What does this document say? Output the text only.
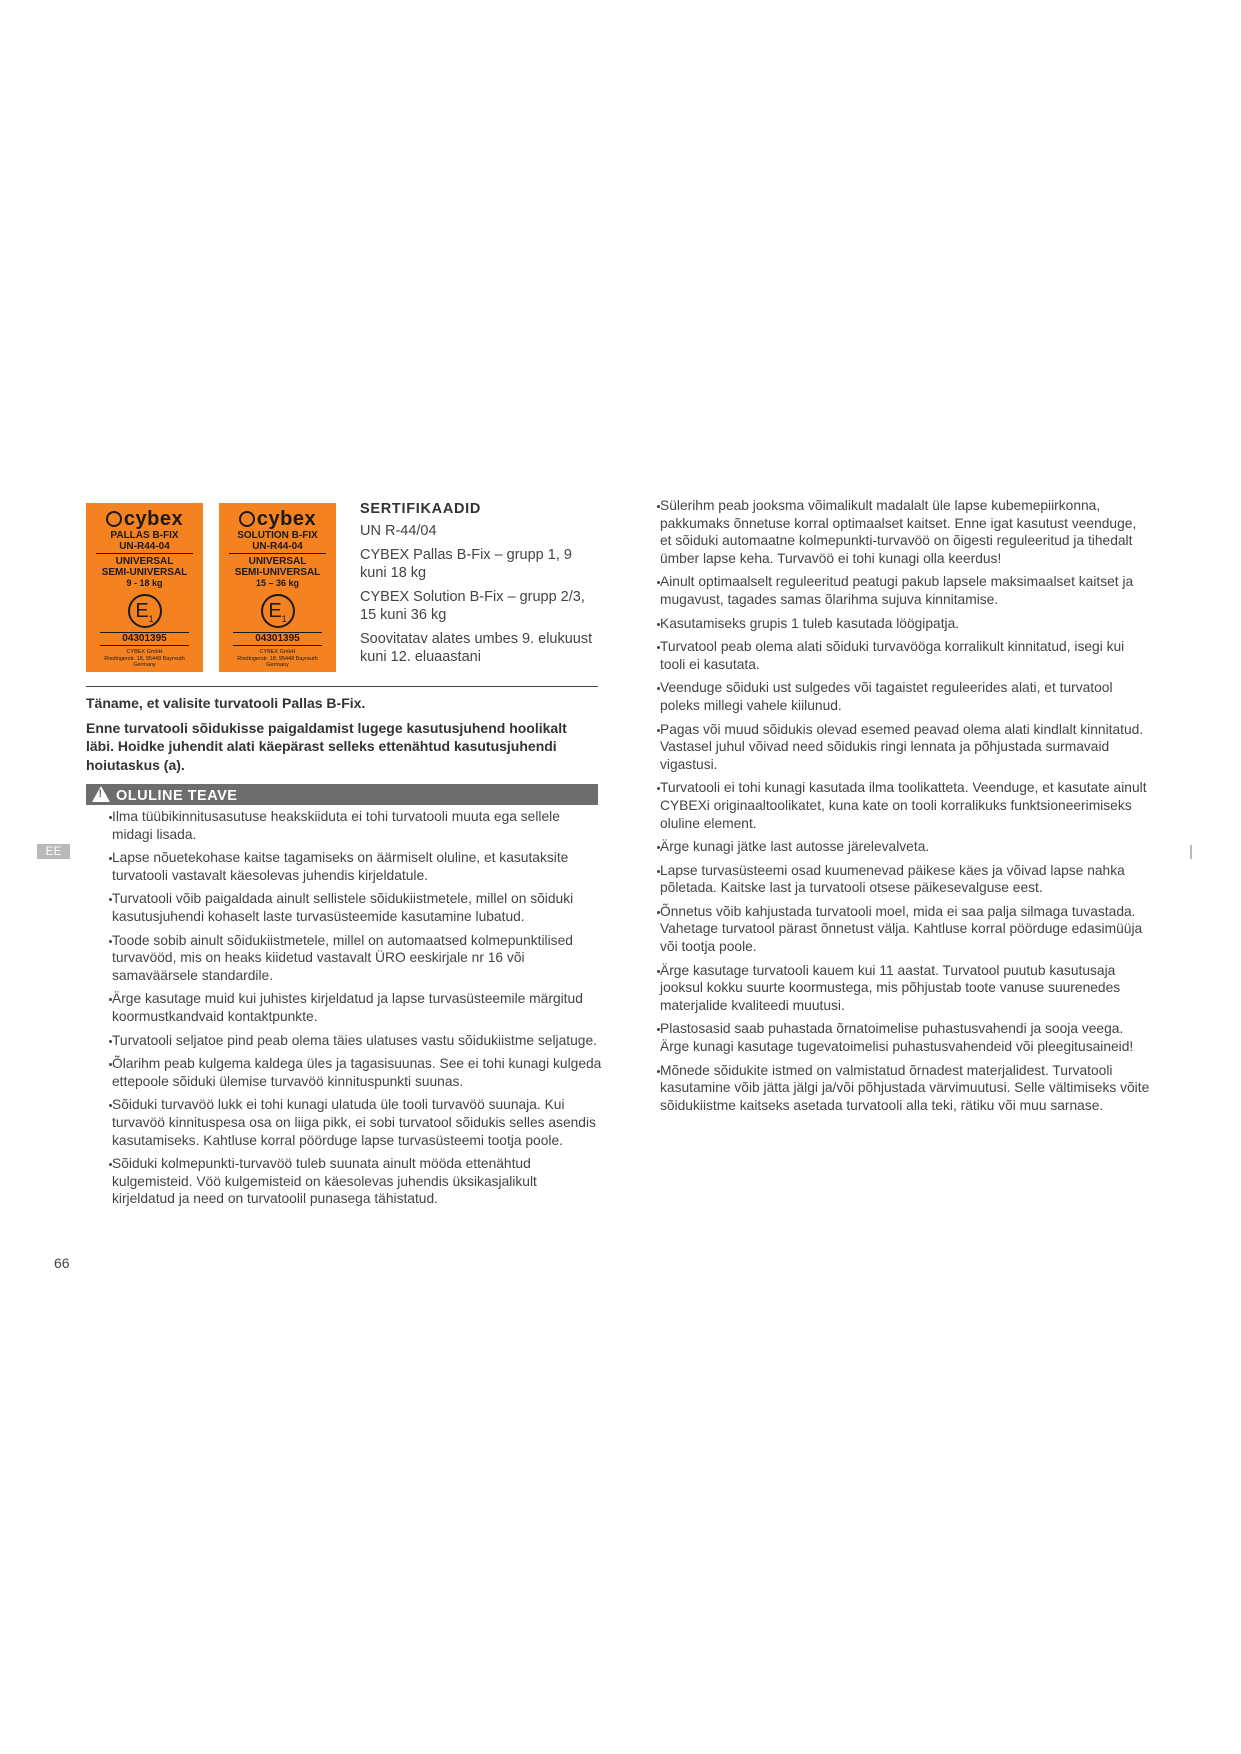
cybex
PALLAS B-FIX
UN-R44-04
UNIVERSAL
SEMI-UNIVERSAL
9 - 18 kg
$E_1$
04301395
CYBEX GmbH
Riedingerstr. 18, 95448 Bayreuth
Germany
cybex
SOLUTION B-FIX
UN-R44-04
UNIVERSAL
SEMI-UNIVERSAL
15 – 36 kg
$E_1$
04301395
CYBEX GmbH
Riedingerstr. 18, 95448 Bayreuth
Germany
SERTIFIKAADID

UN R-44/04

CYBEX Pallas B-Fix – grupp 1, 9 kuni 18 kg

CYBEX Solution B-Fix – grupp 2/3, 15 kuni 36 kg

Soovitatav alates umbes 9. elukuust kuni 12. eluaastani

Täname, et valisite turvatooli Pallas B-Fix.

Enne turvatooli sõidukisse paigaldamist lugege kasutusjuhend hoolikalt läbi. Hoidke juhendit alati käepärast selleks ettenähtud kasutusjuhendi hoiutaskus (a).

!OLULINE TEAVE
Ilma tüübikinnitusasutuse heakskiiduta ei tohi turvatooli muuta ega sellele midagi lisada.
Lapse nõuetekohase kaitse tagamiseks on äärmiselt oluline, et kasutaksite turvatooli vastavalt käesolevas juhendis kirjeldatule.
Turvatooli võib paigaldada ainult sellistele sõidukiistmetele, millel on sõiduki kasutusjuhendi kohaselt laste turvasüsteemide kasutamine lubatud.
Toode sobib ainult sõidukiistmetele, millel on automaatsed kolmepunktilised turvavööd, mis on heaks kiidetud vastavalt ÜRO eeskirjale nr 16 või samaväärsele standardile.
Ärge kasutage muid kui juhistes kirjeldatud ja lapse turvasüsteemile märgitud koormustkandvaid kontaktpunkte.
Turvatooli seljatoe pind peab olema täies ulatuses vastu sõidukiistme seljatuge.
Õlarihm peab kulgema kaldega üles ja tagasisuunas. See ei tohi kunagi kulgeda ettepoole sõiduki ülemise turvavöö kinnituspunkti suunas.
Sõiduki turvavöö lukk ei tohi kunagi ulatuda üle tooli turvavöö suunaja. Kui turvavöö kinnituspesa osa on liiga pikk, ei sobi turvatool sõidukis selles asendis kasutamiseks. Kahtluse korral pöörduge lapse turvasüsteemi tootja poole.
Sõiduki kolmepunkti-turvavöö tuleb suunata ainult mööda ettenähtud kulgemisteid. Vöö kulgemisteid on käesolevas juhendis üksikasjalikult kirjeldatud ja need on turvatoolil punasega tähistatud.
Sülerihm peab jooksma võimalikult madalalt üle lapse kubemepiirkonna, pakkumaks õnnetuse korral optimaalset kaitset. Enne igat kasutust veenduge, et sõiduki automaatne kolmepunkti-turvavöö on õigesti reguleeritud ja tihedalt ümber lapse keha. Turvavöö ei tohi kunagi olla keerdus!
Ainult optimaalselt reguleeritud peatugi pakub lapsele maksimaalset kaitset ja mugavust, tagades samas õlarihma sujuva kinnitamise.
Kasutamiseks grupis 1 tuleb kasutada löögipatja.
Turvatool peab olema alati sõiduki turvavööga korralikult kinnitatud, isegi kui tooli ei kasutata.
Veenduge sõiduki ust sulgedes või tagaistet reguleerides alati, et turvatool poleks millegi vahele kiilunud.
Pagas või muud sõidukis olevad esemed peavad olema alati kindlalt kinnitatud. Vastasel juhul võivad need sõidukis ringi lennata ja põhjustada surmavaid vigastusi.
Turvatooli ei tohi kunagi kasutada ilma toolikatteta. Veenduge, et kasutate ainult CYBEXi originaaltoolikatet, kuna kate on tooli korralikuks funktsioneerimiseks oluline element.
Ärge kunagi jätke last autosse järelevalveta.
Lapse turvasüsteemi osad kuumenevad päikese käes ja võivad lapse nahka põletada. Kaitske last ja turvatooli otsese päikesevalguse eest.
Õnnetus võib kahjustada turvatooli moel, mida ei saa palja silmaga tuvastada. Vahetage turvatool pärast õnnetust välja. Kahtluse korral pöörduge edasimüüja või tootja poole.
Ärge kasutage turvatooli kauem kui 11 aastat. Turvatool puutub kasutusaja jooksul kokku suurte koormustega, mis põhjustab toote vanuse suurenedes materjalide kvaliteedi muutusi.
Plastosasid saab puhastada õrnatoimelise puhastusvahendi ja sooja veega. Ärge kunagi kasutage tugevatoimelisi puhastusvahendeid või pleegitusaineid!
Mõnede sõidukite istmed on valmistatud õrnadest materjalidest. Turvatooli kasutamine võib jätta jälgi ja/või põhjustada värvimuutusi. Selle vältimiseks võite sõidukiistme kaitseks asetada turvatooli alla teki, rätiku või muu sarnase.
EE
66
